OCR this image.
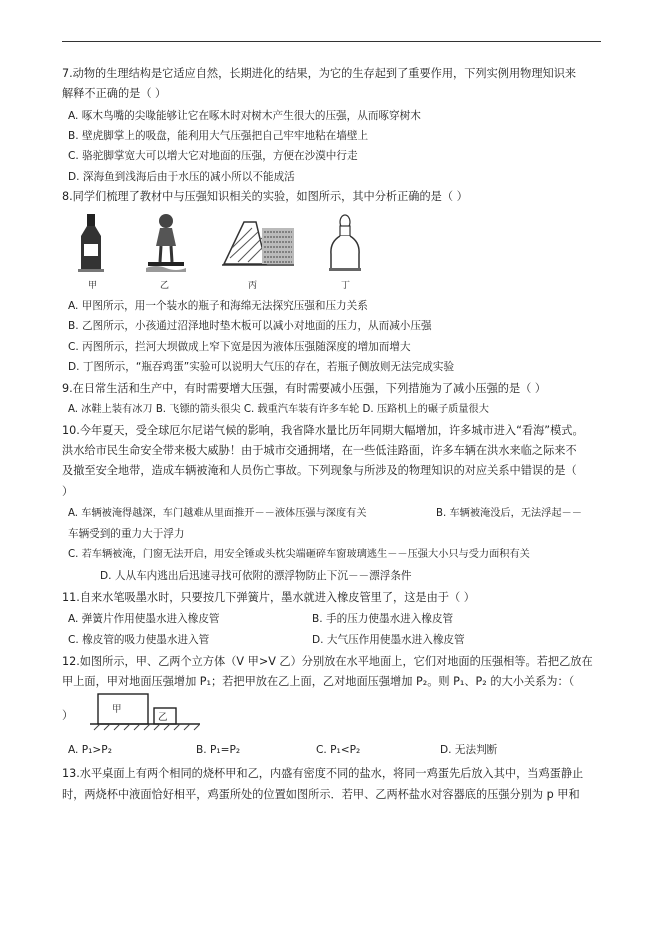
7.动物的生理结构是它适应自然，长期进化的结果，为它的生存起到了重要作用，下列实例用物理知识来
解释不正确的是（ ）
A. 啄木鸟嘴的尖喙能够让它在啄木时对树木产生很大的压强，从而啄穿树木
B. 壁虎脚掌上的吸盘，能利用大气压强把自己牢牢地粘在墙壁上
C. 骆驼脚掌宽大可以增大它对地面的压强，方便在沙漠中行走
D. 深海鱼到浅海后由于水压的减小所以不能成活
8.同学们梳理了教材中与压强知识相关的实验，如图所示，其中分析正确的是（ ）
甲	乙	丙	丁
A. 甲图所示，用一个装水的瓶子和海绵无法探究压强和压力关系
B. 乙图所示，小孩通过沼泽地时垫木板可以减小对地面的压力，从而减小压强
C. 丙图所示，拦河大坝做成上窄下宽是因为液体压强随深度的增加而增大
D. 丁图所示，“瓶吞鸡蛋”实验可以说明大气压的存在，若瓶子侧放则无法完成实验
9.在日常生活和生产中，有时需要增大压强，有时需要减小压强，下列措施为了减小压强的是（ ）
A. 冰鞋上装有冰刀 B. 飞镖的箭头很尖 C. 载重汽车装有许多车轮 D. 压路机上的碾子质量很大
10.今年夏天，受全球厄尔尼诺气候的影响，我省降水量比历年同期大幅增加，许多城市进入“看海”模式。
洪水给市民生命安全带来极大威胁！由于城市交通拥堵，在一些低洼路面，许多车辆在洪水来临之际来不
及撤至安全地带，造成车辆被淹和人员伤亡事故。下列现象与所涉及的物理知识的对应关系中错误的是（
）
A. 车辆被淹得越深，车门越难从里面推开－－液体压强与深度有关	B. 车辆被淹没后，无法浮起－－
车辆受到的重力大于浮力
C. 若车辆被淹，门窗无法开启，用安全锤或头枕尖端砸碎车窗玻璃逃生－－压强大小只与受力面积有关
D. 人从车内逃出后迅速寻找可依附的漂浮物防止下沉－－漂浮条件
11.自来水笔吸墨水时，只要按几下弹簧片，墨水就进入橡皮管里了，这是由于（ ）
A. 弹簧片作用使墨水进入橡皮管	B. 手的压力使墨水进入橡皮管
C. 橡皮管的吸力使墨水进入管	D. 大气压作用使墨水进入橡皮管
12.如图所示，甲、乙两个立方体（V 甲>V 乙）分别放在水平地面上，它们对地面的压强相等。若把乙放在
甲上面，甲对地面压强增加 P₁；若把甲放在乙上面，乙对地面压强增加 P₂。则 P₁、P₂ 的大小关系为：（
）	甲
乙
A. P₁>P₂	B. P₁=P₂	C. P₁<P₂	D. 无法判断
13.水平桌面上有两个相同的烧杯甲和乙，内盛有密度不同的盐水，将同一鸡蛋先后放入其中，当鸡蛋静止
时，两烧杯中液面恰好相平，鸡蛋所处的位置如图所示．若甲、乙两杯盐水对容器底的压强分别为 p 甲和
